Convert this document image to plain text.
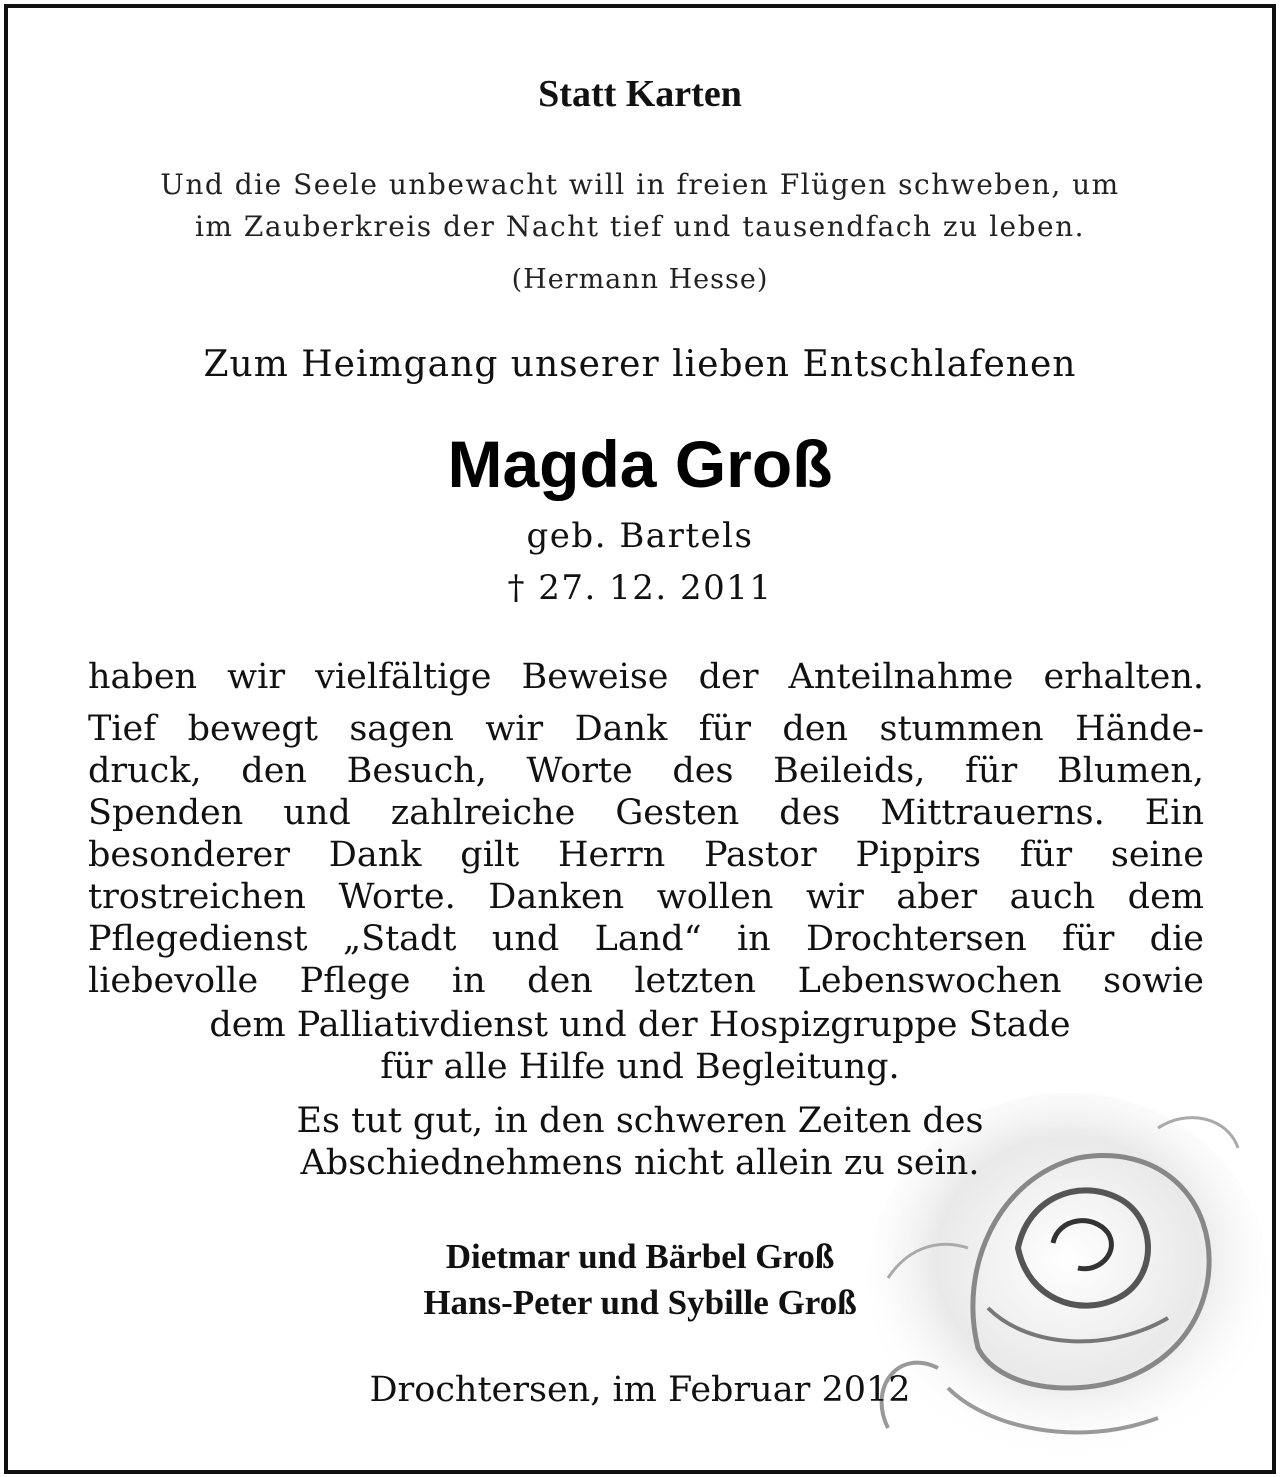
Statt Karten
Und die Seele unbewacht will in freien Flügen schweben, um
im Zauberkreis der Nacht tief und tausendfach zu leben.
(Hermann Hesse)
Zum Heimgang unserer lieben Entschlafenen
Magda Groß
geb. Bartels
† 27. 12. 2011
haben wir vielfältige Beweise der Anteilnahme erhalten.
Tief bewegt sagen wir Dank für den stummen Hände-
druck, den Besuch, Worte des Beileids, für Blumen,
Spenden und zahlreiche Gesten des Mittrauerns. Ein
besonderer Dank gilt Herrn Pastor Pippirs für seine
trostreichen Worte. Danken wollen wir aber auch dem
Pflegedienst „Stadt und Land“ in Drochtersen für die
liebevolle Pflege in den letzten Lebenswochen sowie
dem Palliativdienst und der Hospizgruppe Stade
für alle Hilfe und Begleitung.
Es tut gut, in den schweren Zeiten des
Abschiednehmens nicht allein zu sein.
Dietmar und Bärbel Groß
Hans-Peter und Sybille Groß
Drochtersen, im Februar 2012
